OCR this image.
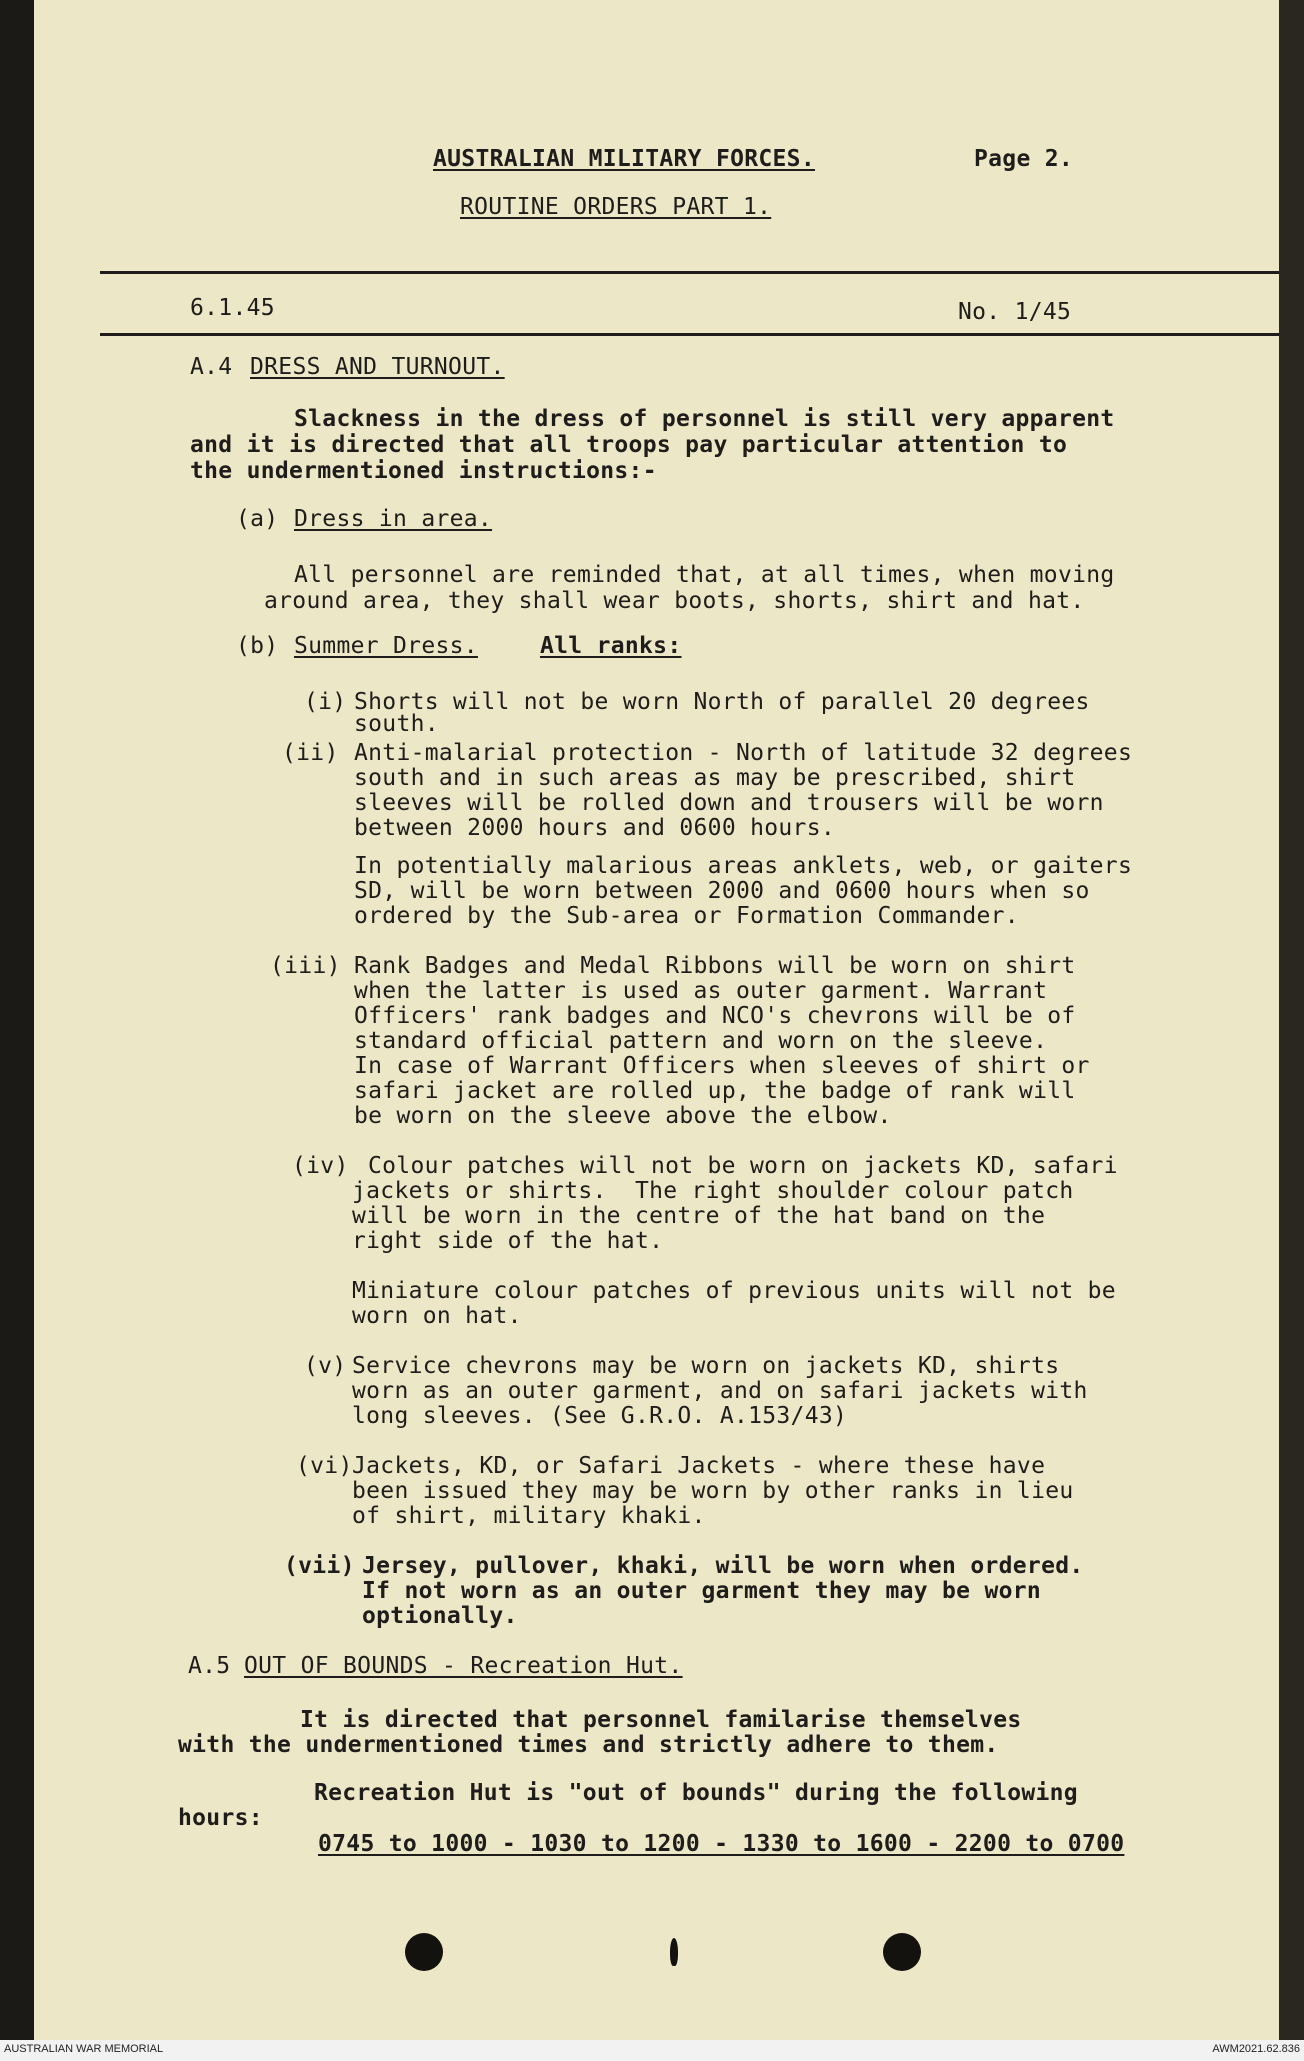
AUSTRALIAN MILITARY FORCES.	Page 2.
ROUTINE ORDERS PART 1.
6.1.45	No. 1/45
A.4 DRESS AND TURNOUT.
Slackness in the dress of personnel is still very apparent
and it is directed that all troops pay particular attention to
the undermentioned instructions:-
(a) Dress in area.
All personnel are reminded that, at all times, when moving
around area, they shall wear boots, shorts, shirt and hat.
(b) Summer Dress.	All ranks:
(i) Shorts will not be worn North of parallel 20 degrees
south.
(ii) Anti-malarial protection - North of latitude 32 degrees
south and in such areas as may be prescribed, shirt
sleeves will be rolled down and trousers will be worn
between 2000 hours and 0600 hours.
In potentially malarious areas anklets, web, or gaiters
SD, will be worn between 2000 and 0600 hours when so
ordered by the Sub-area or Formation Commander.
(iii) Rank Badges and Medal Ribbons will be worn on shirt
when the latter is used as outer garment. Warrant
Officers' rank badges and NCO's chevrons will be of
standard official pattern and worn on the sleeve.
In case of Warrant Officers when sleeves of shirt or
safari jacket are rolled up, the badge of rank will
be worn on the sleeve above the elbow.
(iv) Colour patches will not be worn on jackets KD, safari
jackets or shirts.  The right shoulder colour patch
will be worn in the centre of the hat band on the
right side of the hat.
Miniature colour patches of previous units will not be
worn on hat.
(v) Service chevrons may be worn on jackets KD, shirts
worn as an outer garment, and on safari jackets with
long sleeves. (See G.R.O. A.153/43)
(vi) Jackets, KD, or Safari Jackets - where these have
been issued they may be worn by other ranks in lieu
of shirt, military khaki.
(vii) Jersey, pullover, khaki, will be worn when ordered.
If not worn as an outer garment they may be worn
optionally.
A.5 OUT OF BOUNDS - Recreation Hut.
It is directed that personnel familarise themselves
with the undermentioned times and strictly adhere to them.
Recreation Hut is "out of bounds" during the following
hours:
0745 to 1000 - 1030 to 1200 - 1330 to 1600 - 2200 to 0700
AUSTRALIAN WAR MEMORIAL	AWM2021.62.836
